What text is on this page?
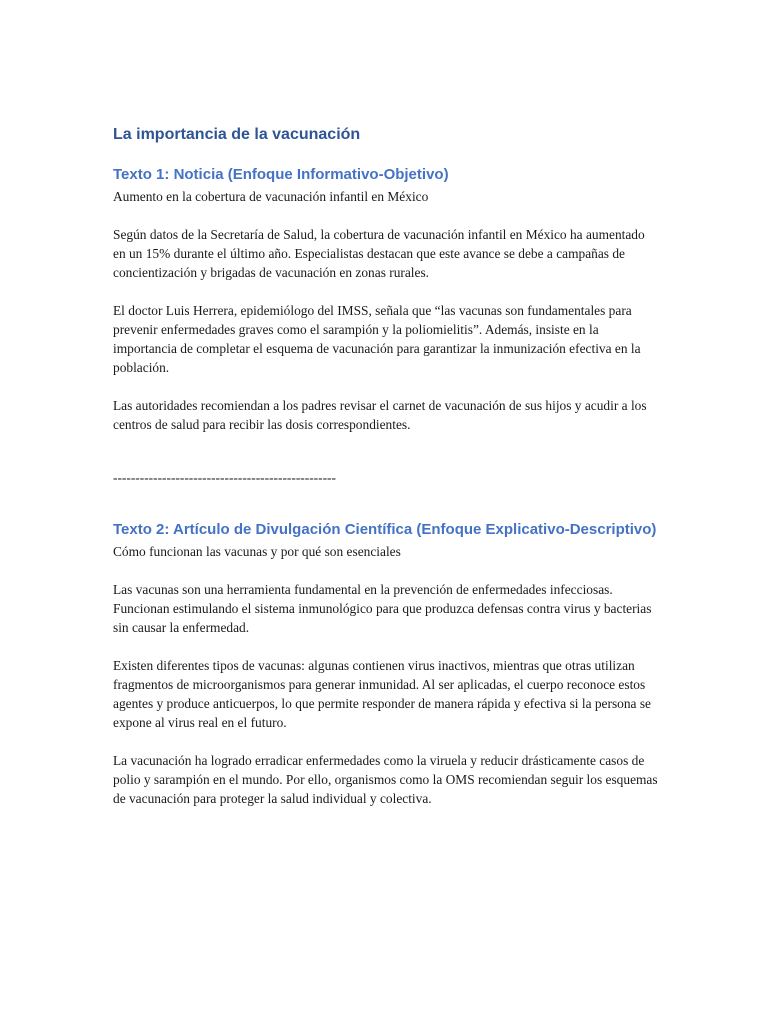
La importancia de la vacunación
Texto 1: Noticia (Enfoque Informativo-Objetivo)

Aumento en la cobertura de vacunación infantil en México

Según datos de la Secretaría de Salud, la cobertura de vacunación infantil en México ha aumentado en un 15% durante el último año. Especialistas destacan que este avance se debe a campañas de concientización y brigadas de vacunación en zonas rurales.

El doctor Luis Herrera, epidemiólogo del IMSS, señala que “las vacunas son fundamentales para prevenir enfermedades graves como el sarampión y la poliomielitis”. Además, insiste en la importancia de completar el esquema de vacunación para garantizar la inmunización efectiva en la población.

Las autoridades recomiendan a los padres revisar el carnet de vacunación de sus hijos y acudir a los centros de salud para recibir las dosis correspondientes.

--------------------------------------------------

Texto 2: Artículo de Divulgación Científica (Enfoque Explicativo-Descriptivo)

Cómo funcionan las vacunas y por qué son esenciales

Las vacunas son una herramienta fundamental en la prevención de enfermedades infecciosas. Funcionan estimulando el sistema inmunológico para que produzca defensas contra virus y bacterias sin causar la enfermedad.

Existen diferentes tipos de vacunas: algunas contienen virus inactivos, mientras que otras utilizan fragmentos de microorganismos para generar inmunidad. Al ser aplicadas, el cuerpo reconoce estos agentes y produce anticuerpos, lo que permite responder de manera rápida y efectiva si la persona se expone al virus real en el futuro.

La vacunación ha logrado erradicar enfermedades como la viruela y reducir drásticamente casos de polio y sarampión en el mundo. Por ello, organismos como la OMS recomiendan seguir los esquemas de vacunación para proteger la salud individual y colectiva.
